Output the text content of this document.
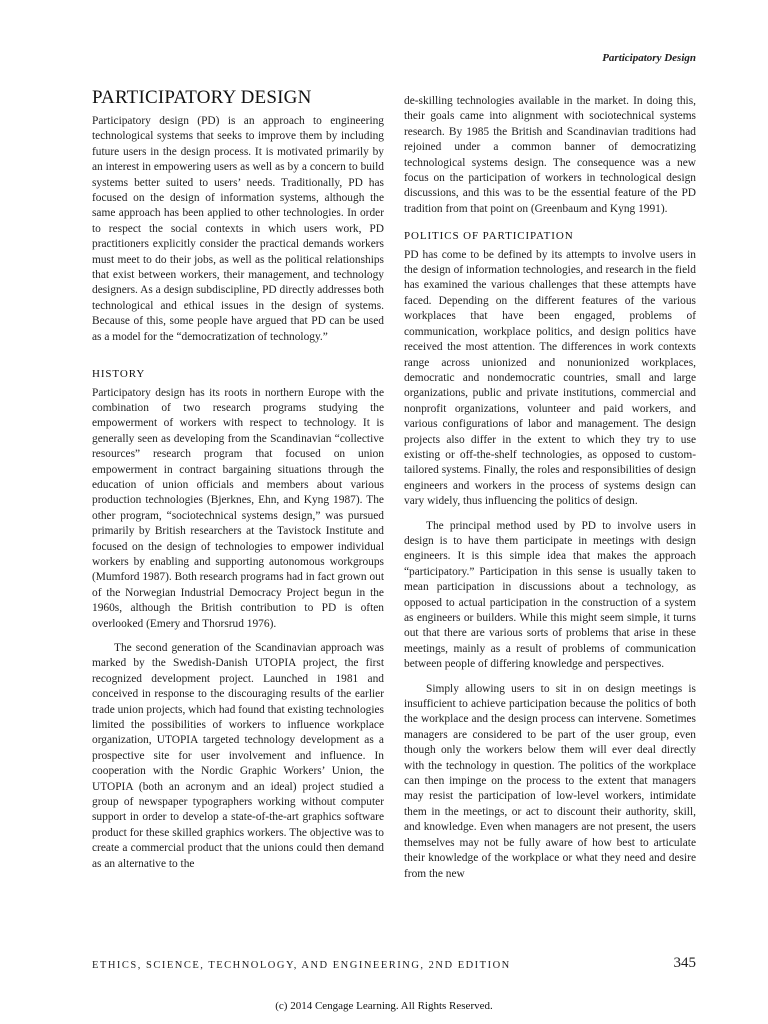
Participatory Design
PARTICIPATORY DESIGN

Participatory design (PD) is an approach to engineering technological systems that seeks to improve them by including future users in the design process. It is motivated primarily by an interest in empowering users as well as by a concern to build systems better suited to users’ needs. Traditionally, PD has focused on the design of information systems, although the same approach has been applied to other technologies. In order to respect the social contexts in which users work, PD practitioners explicitly consider the practical demands workers must meet to do their jobs, as well as the political relationships that exist between workers, their management, and technology designers. As a design subdiscipline, PD directly addresses both technological and ethical issues in the design of systems. Because of this, some people have argued that PD can be used as a model for the “democratization of technology.”

HISTORY

Participatory design has its roots in northern Europe with the combination of two research programs studying the empowerment of workers with respect to technology. It is generally seen as developing from the Scandinavian “collective resources” research program that focused on union empowerment in contract bargaining situations through the education of union officials and members about various production technologies (Bjerknes, Ehn, and Kyng 1987). The other program, “sociotechnical systems design,” was pursued primarily by British researchers at the Tavistock Institute and focused on the design of technologies to empower individual workers by enabling and supporting autonomous workgroups (Mumford 1987). Both research programs had in fact grown out of the Norwegian Industrial Democracy Project begun in the 1960s, although the British contribution to PD is often overlooked (Emery and Thorsrud 1976).

The second generation of the Scandinavian approach was marked by the Swedish-Danish UTOPIA project, the first recognized development project. Launched in 1981 and conceived in response to the discouraging results of the earlier trade union projects, which had found that existing technologies limited the possibilities of workers to influence workplace organization, UTOPIA targeted technology development as a prospective site for user involvement and influence. In cooperation with the Nordic Graphic Workers’ Union, the UTOPIA (both an acronym and an ideal) project studied a group of newspaper typographers working without computer support in order to develop a state-of-the-art graphics software product for these skilled graphics workers. The objective was to create a commercial product that the unions could then demand as an alternative to the

de-skilling technologies available in the market. In doing this, their goals came into alignment with sociotechnical systems research. By 1985 the British and Scandinavian traditions had rejoined under a common banner of democratizing technological systems design. The consequence was a new focus on the participation of workers in technological design discussions, and this was to be the essential feature of the PD tradition from that point on (Greenbaum and Kyng 1991).

POLITICS OF PARTICIPATION

PD has come to be defined by its attempts to involve users in the design of information technologies, and research in the field has examined the various challenges that these attempts have faced. Depending on the different features of the various workplaces that have been engaged, problems of communication, workplace politics, and design politics have received the most attention. The differences in work contexts range across unionized and nonunionized workplaces, democratic and nondemocratic countries, small and large organizations, public and private institutions, commercial and nonprofit organizations, volunteer and paid workers, and various configurations of labor and management. The design projects also differ in the extent to which they try to use existing or off-the-shelf technologies, as opposed to custom-tailored systems. Finally, the roles and responsibilities of design engineers and workers in the process of systems design can vary widely, thus influencing the politics of design.

The principal method used by PD to involve users in design is to have them participate in meetings with design engineers. It is this simple idea that makes the approach “participatory.” Participation in this sense is usually taken to mean participation in discussions about a technology, as opposed to actual participation in the construction of a system as engineers or builders. While this might seem simple, it turns out that there are various sorts of problems that arise in these meetings, mainly as a result of problems of communication between people of differing knowledge and perspectives.

Simply allowing users to sit in on design meetings is insufficient to achieve participation because the politics of both the workplace and the design process can intervene. Sometimes managers are considered to be part of the user group, even though only the workers below them will ever deal directly with the technology in question. The politics of the workplace can then impinge on the process to the extent that managers may resist the participation of low-level workers, intimidate them in the meetings, or act to discount their authority, skill, and knowledge. Even when managers are not present, the users themselves may not be fully aware of how best to articulate their knowledge of the workplace or what they need and desire from the new

ETHICS, SCIENCE, TECHNOLOGY, AND ENGINEERING, 2ND EDITION	345
(c) 2014 Cengage Learning. All Rights Reserved.
